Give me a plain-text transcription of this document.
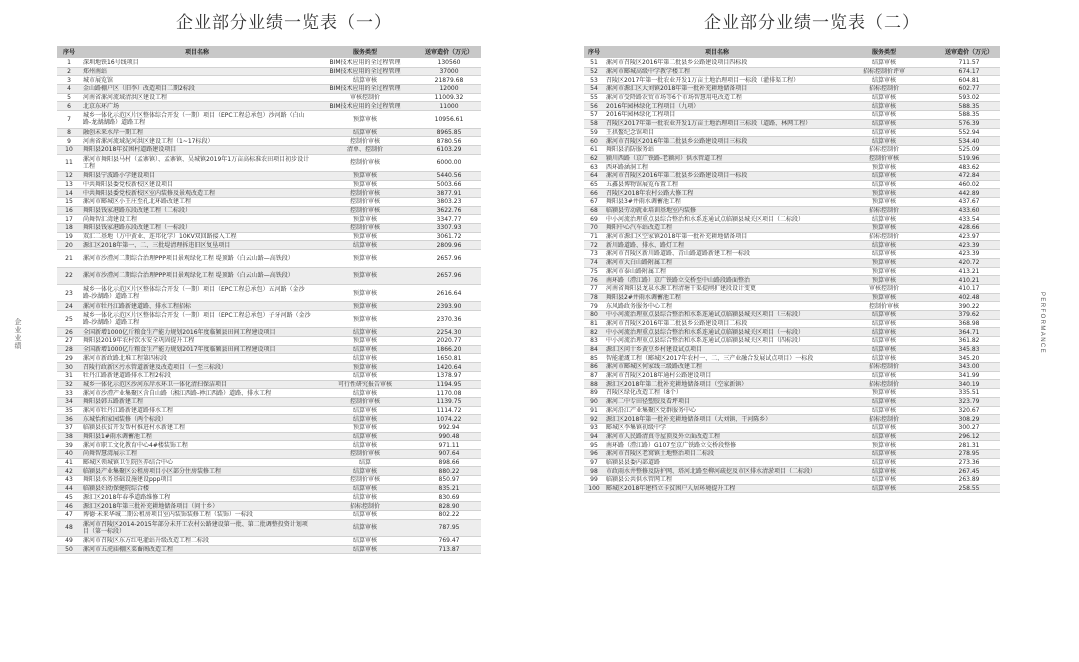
企业部分业绩一览表（一）	企业部分业绩一览表（二）
企
业
业
绩	PERFORMANCE
序号	项目名称	服务类型	送审造价（万元）
1	深圳地铁16号线项目	BIM技术应用的全过程管理	130560
2	郑州南站	BIM技术应用的全过程管理	37000
3	城市展览馆	结算审核	21879.68
4	金山路棚户区（旧李）改造项目二期2标段	BIM技术应用的全过程管理	12000
5	河南省漯河流域清洪区建设工程	审核控制价	11009.32
6	北京东环广场	BIM技术应用的全过程管理	11000
7	城乡一体化示范区片区整体综合开发（一期）项目（EPC工程总承包）沙河路（白山路-龙湖湖路）道路工程	预算审核	10956.61
8	融创未来水岸一期工程	结算审核	8965.85
9	河南省漯河流域泥河洪区建设工程（1~17标段）	控制价审核	8780.56
10	舞阳县2018年贫困村道路建设项目	清单、控制价	6103.29
11	漯河市舞阳县马村（孟寨镇）、孟寨镇、吴城镇2019年1万亩高标准农田项目初步设计工程	控制价审核	6000.00
12	舞阳县宁波路小学建设项目	预算审核	5440.56
13	中共舞阳县委党校新校区建设项目	预算审核	5003.66
14	中共舞阳县委党校新校区室内装修及景观改造工程	控制价审核	3877.91
15	漯河市郾城区小王庄至孔北环路改建工程	控制价审核	3803.23
16	舞阳县钱家港路东段改建工程（二标段）	控制价审核	3622.76
17	尚舞智汇湾建设工程	预算审核	3347.77
18	舞阳县钱家港路东段改建工程（一标段）	控制价审核	3307.93
19	双汇二基地（万中黄业、连邦化学）10KV双回路接入工程	预算审核	3061.72
20	源汇区2018年第一、二、三批堤清理拆违旧区复垦项目	结算审核	2809.96
21	漯河市沙澧河二期综合治理PPP项目景观绿化工程 堤顶路（白云山路—高铁段）	预算审核	2657.96
22	漯河市沙澧河二期综合治理PPP项目景观绿化工程 堤顶路（白云山路—高铁段）	预算审核	2657.96
23	城乡一体化示范区片区整体综合开发（一期）项目（EPC工程总承包）五河路（金沙路-沙湖路）道路工程	预算审核	2616.64
24	漯河市牡丹江路新建道路、排水工程招标	预算审核	2393.90
25	城乡一体化示范区片区整体综合开发（一期）项目（EPC工程总承包）子牙河路（金沙路-沙湖路）道路工程	预算审核	2370.36
26	全国新增1000亿斤粮食生产能力规划2016年度临颍县田间工程建设项目	结算审核	2254.30
27	舞阳县2019年农村饮水安全巩固提升工程	预算审核	2020.77
28	全国新增1000亿斤粮食生产能力规划2017年度临颍县田间工程建设项目	结算审核	1866.20
29	漯河市新政路北堆工程第四标段	结算审核	1650.81
30	召陵行政新区污水管道新建及改造项目（一至三标段）	预算审核	1420.64
31	牡丹江路新建道路排水工程2标段	结算审核	1378.97
32	城乡一体化示范区沙河东岸水环卫一体化清扫保洁项目	可行性研究报告审核	1194.95
33	漯河市沙澧产业集聚区含自山路（湘江西路-禅江西路）道路、排水工程	结算审核	1170.08
34	舞阳县韩五路新建工程	控制价审核	1139.75
35	漯河市牡丹江路新建道路排水工程	结算审核	1114.72
36	东城怡和家园装修（两个标段）	结算审核	1074.22
37	临颍县扶贫开发帮村推进村水新建工程	预算审核	992.94
38	舞阳县1#雨水调蓄池工程	结算审核	990.48
39	漯河市职工文化教育中心4#楼装饰工程	结算审核	971.11
40	尚舞智慧湾展示工程	控制价审核	907.64
41	郾城区领城镇卫生院医养结合中心	结算	898.66
42	临颍县产业集聚区公租房项目小区部分住房装修工程	结算审核	880.22
43	舞阳县水务基础设施建设ppp项目	控制价审核	850.97
44	临颍县妇幼保健院综合楼	结算审核	835.21
45	源汇区2018年春季道路维修工程	结算审核	830.69
46	源汇区2018年第三批补充耕地储备项目（问十乡）	招标控制价	828.90
47	博德·未来华城二期公租房项目室内装饰装修工程（装饰）一标段	结算审核	802.22
48	漯河市召陵区2014-2015年部分未开工农村公路建设第一批、第二批调整投资计划项目（第一标段）	结算审核	787.95
49	漯河市召陵区东方红电灌站升级改造工程二标段	结算审核	769.47
50	漯河市五虎庙棚区菜畜阁改造工程	结算审核	713.87
序号	项目名称	服务类型	送审造价（万元）
51	漯河市召陵区2016年第二批县乡公路建设项目四标段	结算审核	711.57
52	漯河市郾城高级中学教学楼工程	招标控制价评审	674.17
53	召陵区2017年第一批农业开发1万亩土地治理项目一标段（灌排渠工程）	结算审核	604.81
54	漯河市源汇区大刘镇2018年第一批补充耕地储备项目	招标控制价	602.77
55	漯河市受降路农贸市场等6个市场智慧用电改造工程	结算审核	593.02
56	2016年园林绿化工程项目（九项）	结算审核	588.35
57	2016年园林绿化工程项目	结算审核	588.35
58	召陵区2017年第一批农业开发1万亩土地治理项目三标段（道路、林网工程）	结算审核	576.39
59	王拱鳌纪念馆项目	结算审核	552.94
60	漯河市召陵区2016年第二批县乡公路建设项目三标段	结算审核	534.40
61	舞阳县消防服务站	招标控制价	525.09
62	颍川西路（京广铁路-老颍河）供水管道工程	控制价审核	519.96
63	西环路涵洞工程	预算审核	483.62
64	漯河市召陵区2016年第二批县乡公路建设项目一标段	结算审核	472.84
65	五鑫县博物馆展览布置工程	结算审核	460.02
66	召陵区2018年农村公路大修工程	预算审核	442.89
67	舞阳县3#井雨水调蓄池工程	预算审核	437.67
68	临颍县劳动就业培训基地室内装修	招标控制价	433.60
69	中小河流治理重点县综合整治和水系连通试点临颍县城关区项目（二标段）	结算审核	433.54
70	舞阳中心汽车站改造工程	预算审核	428.66
71	漯河市源汇区空家镇2018年第一批补充耕地储备项目	招标控制价	423.97
72	新川路道路、排水、路灯工程	结算审核	423.39
73	漯河市召陵区新川路道路、青山路道路新建工程一标段	结算审核	423.39
74	漯河市大白山路附属工程	预算审核	420.72
75	漯河市泰山路附属工程	预算审核	413.21
76	南环路（澧江路）京广铁路立交桥至中山路段路面整治	预算审核	410.21
77	河南省舞阳县龙泉水源工程清塘干渠提闸扩建段设计变更	审核控制价	410.17
78	舞阳县2#井雨水调蓄池工程	预算审核	402.48
79	东风路政务服务中心工程	控制价审核	390.22
80	中小河流治理重点县综合整治和水系连通试点临颍县城关区项目（三标段）	结算审核	379.62
81	漯河市召陵区2016年第二批县乡公路建设项目二标段	结算审核	368.98
82	中小河流治理重点县综合整治和水系连通试点临颍县城关区项目（一标段）	结算审核	364.71
83	中小河流治理重点县综合整治和水系连通试点临颍县城关区项目（四标段）	结算审核	361.82
84	源汇区问十乡黄豆乡村建设试点项目	结算审核	345.83
85	智能灌溉工程（郾城区2017年农村一、二、三产业融合发展试点项目）一标段	结算审核	345.20
86	漯河市郾城区何家线三级路改建工程	招标控制价	343.00
87	漯河市召陵区2018年通村公路建设项目	结算审核	341.99
88	源汇区2018年第二批补充耕地储备项目（空家新镇）	招标控制价	340.19
89	召陵区绿化改造工程（8个）	预算审核	335.51
90	漯河二中专田径塑胶及看坪项目	结算审核	323.79
91	漯河沿江产业集聚区党群服务中心	结算审核	320.67
92	源汇区2018年第一批补充耕地储备项目（大刘镇、干河陈乡）	招标控制价	308.29
93	郾城区李集镇初级中学	结算审核	300.27
94	漯河市人民路清真寺屋顶及外立面改造工程	结算审核	296.12
95	南环路（澧江路）G107至京广铁路立交桥段整修	预算审核	281.31
96	漯河市召陵区老窝镇土地整治项目二标段	结算审核	278.95
97	临颍县县委内部道路	结算审核	273.36
98	市政雨水井整修及防护网、塔河北路至柳河疏挖及市区排水清淤项目（二标段）	结算审核	267.45
99	临颍县公共供水管网工程	结算审核	263.89
100	郾城区2018年建档立卡贫困户人居环境提升工程	结算审核	258.55
